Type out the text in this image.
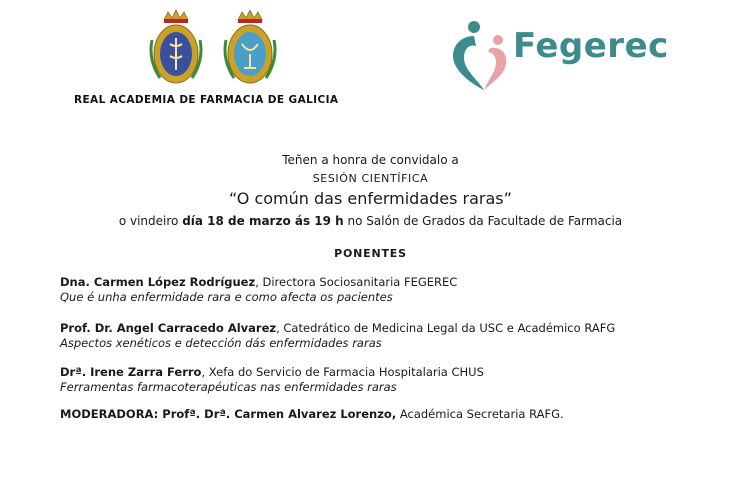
REAL ACADEMIA DE FARMACIA DE GALICIA
Fegerec
Teñen a honra de convidalo a
SESIÓN CIENTÍFICA
“O común das enfermidades raras”
o vindeiro día 18 de marzo ás 19 h no Salón de Grados da Facultade de Farmacia
PONENTES
Dna. Carmen López Rodríguez, Directora Sociosanitaria FEGEREC
Que é unha enfermidade rara e como afecta os pacientes
Prof. Dr. Angel Carracedo Alvarez, Catedrático de Medicina Legal da USC e Académico RAFG
Aspectos xenéticos e detección dás enfermidades raras
Drª. Irene Zarra Ferro, Xefa do Servicio de Farmacia Hospitalaria CHUS
Ferramentas farmacoterapéuticas nas enfermidades raras
MODERADORA: Profª. Drª. Carmen Alvarez Lorenzo, Académica Secretaria RAFG.
